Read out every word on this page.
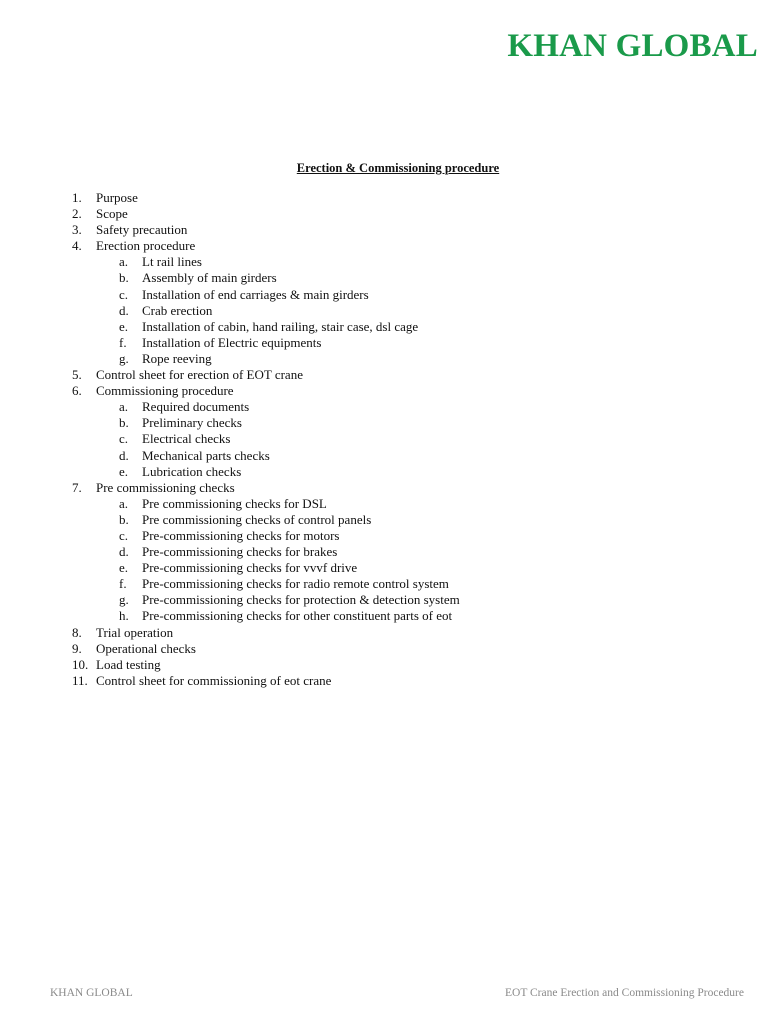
KHAN GLOBAL
Erection & Commissioning procedure
1. Purpose
2. Scope
3. Safety precaution
4. Erection procedure
a. Lt rail lines
b. Assembly of main girders
c. Installation of end carriages & main girders
d. Crab erection
e. Installation of cabin, hand railing, stair case, dsl cage
f. Installation of Electric equipments
g. Rope reeving
5. Control sheet for erection of EOT crane
6. Commissioning procedure
a. Required documents
b. Preliminary checks
c. Electrical checks
d. Mechanical parts checks
e. Lubrication checks
7. Pre commissioning checks
a. Pre commissioning checks for DSL
b. Pre commissioning checks of control panels
c. Pre-commissioning checks for motors
d. Pre-commissioning checks for brakes
e. Pre-commissioning checks for vvvf drive
f. Pre-commissioning checks for radio remote control system
g. Pre-commissioning checks for protection & detection system
h. Pre-commissioning checks for other constituent parts of eot
8. Trial operation
9. Operational checks
10. Load testing
11. Control sheet for commissioning of eot crane
KHAN GLOBAL	EOT Crane Erection and Commissioning Procedure
